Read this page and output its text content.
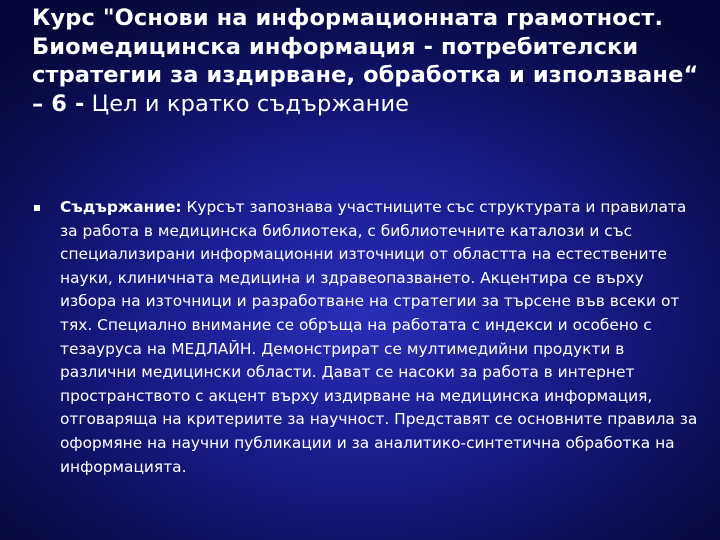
Курс "Основи на информационната грамотност. Биомедицинска информация - потребителски стратегии за издирване, обработка и използване“ – 6 - Цел и кратко съдържание
Съдържание: Курсът запознава участниците със структурата и правилата за работа в медицинска библиотека, с библиотечните каталози и със специализирани информационни източници от областта на естествените науки, клиничната медицина и здравеопазването. Акцентира се върху избора на източници и разработване на стратегии за търсене във всеки от тях. Специално внимание се обръща на работата с индекси и особено с тезауруса на МЕДЛАЙН. Демонстрират се мултимедийни продукти в различни медицински области. Дават се насоки за работа в интернет пространството с акцент върху издирване на медицинска информация, отговаряща на критериите за научност. Представят се основните правила за оформяне на научни публикации и за аналитико-синтетична обработка на информацията.
